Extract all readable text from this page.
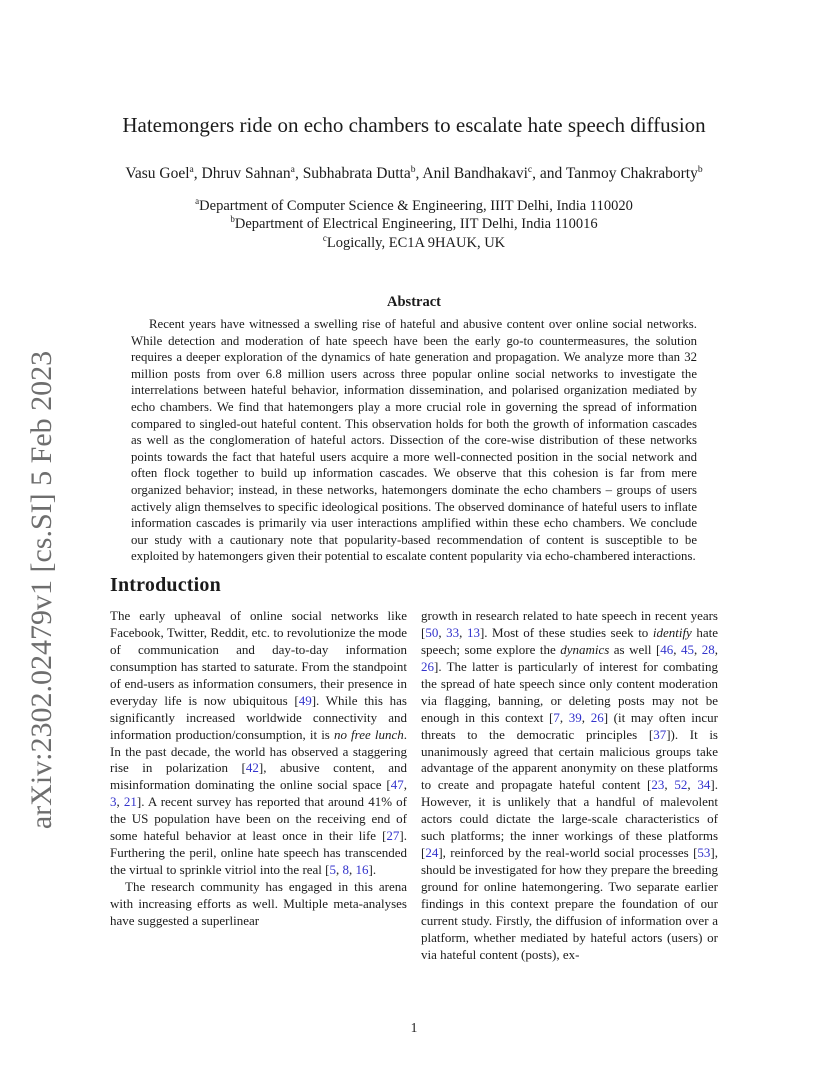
arXiv:2302.02479v1 [cs.SI] 5 Feb 2023
Hatemongers ride on echo chambers to escalate hate speech diffusion
Vasu Goel$^a$, Dhruv Sahnan$^a$, Subhabrata Dutta$^b$, Anil Bandhakavi$^c$, and Tanmoy Chakraborty$^b$
$^a$Department of Computer Science & Engineering, IIIT Delhi, India 110020
$^b$Department of Electrical Engineering, IIT Delhi, India 110016
$^c$Logically, EC1A 9HAUK, UK
Abstract
Recent years have witnessed a swelling rise of hateful and abusive content over online social networks. While detection and moderation of hate speech have been the early go-to countermeasures, the solution requires a deeper exploration of the dynamics of hate generation and propagation. We analyze more than 32 million posts from over 6.8 million users across three popular online social networks to investigate the interrelations between hateful behavior, information dissemination, and polarised organization mediated by echo chambers. We find that hatemongers play a more crucial role in governing the spread of information compared to singled-out hateful content. This observation holds for both the growth of information cascades as well as the conglomeration of hateful actors. Dissection of the core-wise distribution of these networks points towards the fact that hateful users acquire a more well-connected position in the social network and often flock together to build up information cascades. We observe that this cohesion is far from mere organized behavior; instead, in these networks, hatemongers dominate the echo chambers – groups of users actively align themselves to specific ideological positions. The observed dominance of hateful users to inflate information cascades is primarily via user interactions amplified within these echo chambers. We conclude our study with a cautionary note that popularity-based recommendation of content is susceptible to be exploited by hatemongers given their potential to escalate content popularity via echo-chambered interactions.
Introduction

The early upheaval of online social networks like Facebook, Twitter, Reddit, etc. to revolutionize the mode of communication and day-to-day information consumption has started to saturate. From the standpoint of end-users as information consumers, their presence in everyday life is now ubiquitous [49]. While this has significantly increased worldwide connectivity and information production/consumption, it is no free lunch. In the past decade, the world has observed a staggering rise in polarization [42], abusive content, and misinformation dominating the online social space [47, 3, 21]. A recent survey has reported that around 41% of the US population have been on the receiving end of some hateful behavior at least once in their life [27]. Furthering the peril, online hate speech has transcended the virtual to sprinkle vitriol into the real [5, 8, 16].

The research community has engaged in this arena with increasing efforts as well. Multiple meta-analyses have suggested a superlinear

growth in research related to hate speech in recent years [50, 33, 13]. Most of these studies seek to identify hate speech; some explore the dynamics as well [46, 45, 28, 26]. The latter is particularly of interest for combating the spread of hate speech since only content moderation via flagging, banning, or deleting posts may not be enough in this context [7, 39, 26] (it may often incur threats to the democratic principles [37]). It is unanimously agreed that certain malicious groups take advantage of the apparent anonymity on these platforms to create and propagate hateful content [23, 52, 34]. However, it is unlikely that a handful of malevolent actors could dictate the large-scale characteristics of such platforms; the inner workings of these platforms [24], reinforced by the real-world social processes [53], should be investigated for how they prepare the breeding ground for online hatemongering. Two separate earlier findings in this context prepare the foundation of our current study. Firstly, the diffusion of information over a platform, whether mediated by hateful actors (users) or via hateful content (posts), ex-

1
